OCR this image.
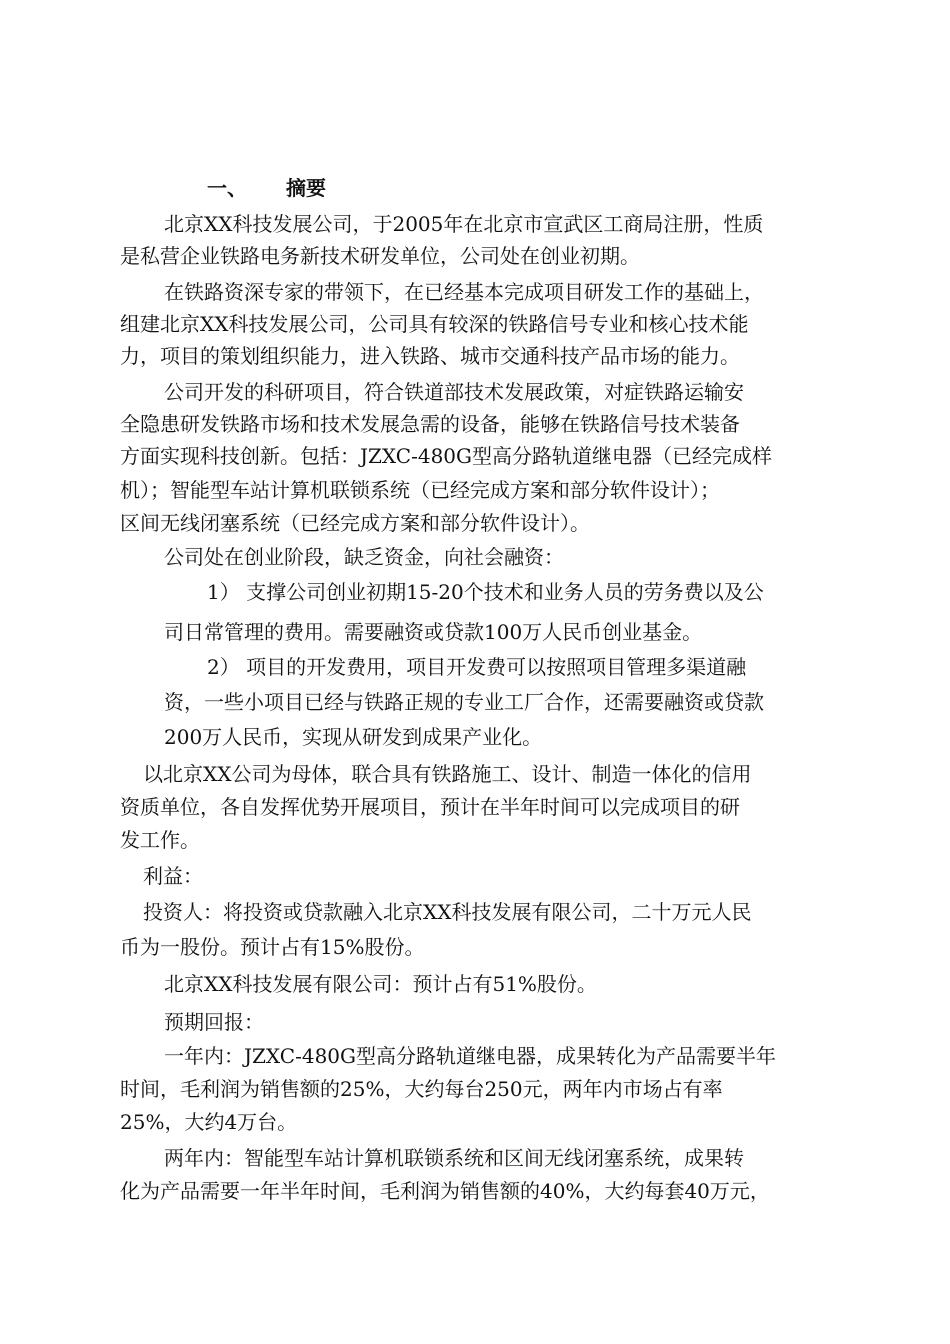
一、 摘要
北京XX科技发展公司，于2005年在北京市宣武区工商局注册，性质
是私营企业铁路电务新技术研发单位，公司处在创业初期。
在铁路资深专家的带领下，在已经基本完成项目研发工作的基础上，
组建北京XX科技发展公司，公司具有较深的铁路信号专业和核心技术能
力，项目的策划组织能力，进入铁路、城市交通科技产品市场的能力。
公司开发的科研项目，符合铁道部技术发展政策，对症铁路运输安
全隐患研发铁路市场和技术发展急需的设备，能够在铁路信号技术装备
方面实现科技创新。包括：JZXC-480G型高分路轨道继电器（已经完成样
机）；智能型车站计算机联锁系统（已经完成方案和部分软件设计）；
区间无线闭塞系统（已经完成方案和部分软件设计）。
公司处在创业阶段，缺乏资金，向社会融资：
1） 支撑公司创业初期15-20个技术和业务人员的劳务费以及公
司日常管理的费用。需要融资或贷款100万人民币创业基金。
2） 项目的开发费用，项目开发费可以按照项目管理多渠道融
资，一些小项目已经与铁路正规的专业工厂合作，还需要融资或贷款
200万人民币，实现从研发到成果产业化。
以北京XX公司为母体，联合具有铁路施工、设计、制造一体化的信用
资质单位，各自发挥优势开展项目，预计在半年时间可以完成项目的研
发工作。
利益：
投资人：将投资或贷款融入北京XX科技发展有限公司，二十万元人民
币为一股份。预计占有15%股份。
北京XX科技发展有限公司：预计占有51%股份。
预期回报：
一年内：JZXC-480G型高分路轨道继电器，成果转化为产品需要半年
时间，毛利润为销售额的25%，大约每台250元，两年内市场占有率
25%，大约4万台。
两年内：智能型车站计算机联锁系统和区间无线闭塞系统，成果转
化为产品需要一年半年时间，毛利润为销售额的40%，大约每套40万元，
